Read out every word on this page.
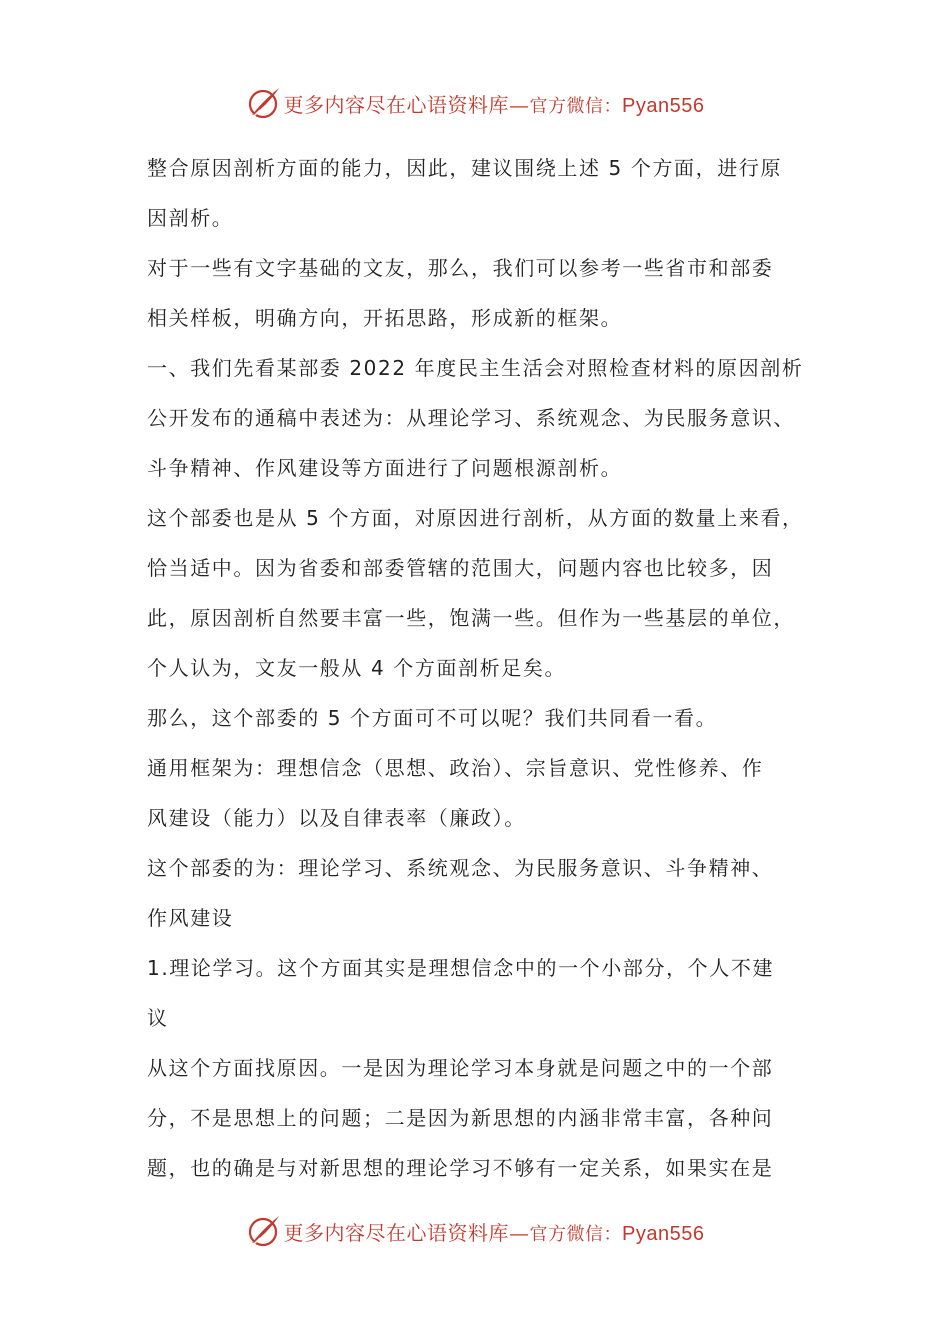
更多内容尽在心语资料库—官方微信：Pyan556
整合原因剖析方面的能力，因此，建议围绕上述 5 个方面，进行原
因剖析。
对于一些有文字基础的文友，那么，我们可以参考一些省市和部委
相关样板，明确方向，开拓思路，形成新的框架。
一、我们先看某部委 2022 年度民主生活会对照检查材料的原因剖析
公开发布的通稿中表述为：从理论学习、系统观念、为民服务意识、
斗争精神、作风建设等方面进行了问题根源剖析。
这个部委也是从 5 个方面，对原因进行剖析，从方面的数量上来看，
恰当适中。因为省委和部委管辖的范围大，问题内容也比较多，因
此，原因剖析自然要丰富一些，饱满一些。但作为一些基层的单位，
个人认为，文友一般从 4 个方面剖析足矣。
那么，这个部委的 5 个方面可不可以呢？我们共同看一看。
通用框架为：理想信念（思想、政治）、宗旨意识、党性修养、作
风建设（能力）以及自律表率（廉政）。
这个部委的为：理论学习、系统观念、为民服务意识、斗争精神、
作风建设
1.理论学习。这个方面其实是理想信念中的一个小部分，个人不建
议
从这个方面找原因。一是因为理论学习本身就是问题之中的一个部
分，不是思想上的问题；二是因为新思想的内涵非常丰富，各种问
题，也的确是与对新思想的理论学习不够有一定关系，如果实在是
更多内容尽在心语资料库—官方微信：Pyan556
